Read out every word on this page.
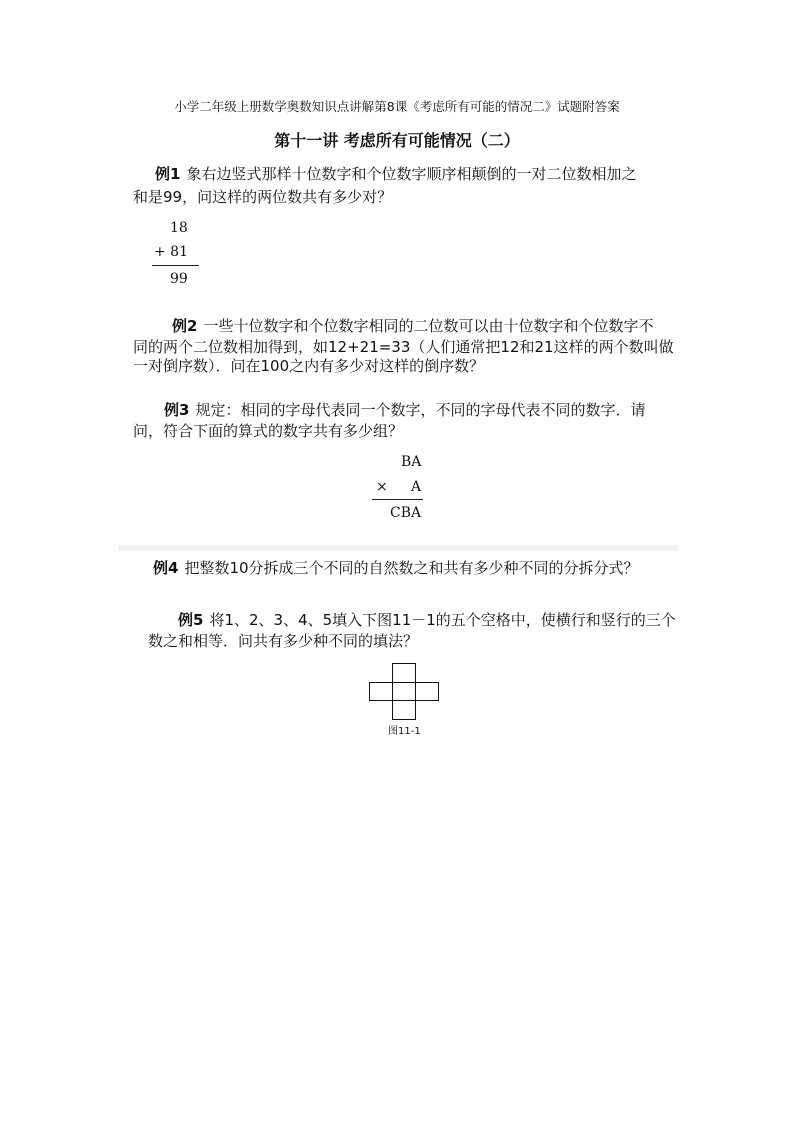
小学二年级上册数学奥数知识点讲解第8课《考虑所有可能的情况二》试题附答案
第十一讲 考虑所有可能情况（二）
例1 象右边竖式那样十位数字和个位数字顺序相颠倒的一对二位数相加之
和是99，问这样的两位数共有多少对？
18
+ 81
99
例2 一些十位数字和个位数字相同的二位数可以由十位数字和个位数字不
同的两个二位数相加得到，如12+21=33（人们通常把12和21这样的两个数叫做
一对倒序数）．问在100之内有多少对这样的倒序数？
例3 规定：相同的字母代表同一个数字，不同的字母代表不同的数字．请
问，符合下面的算式的数字共有多少组？
BA
× A
CBA
例4 把整数10分拆成三个不同的自然数之和共有多少种不同的分拆分式？
例5 将1、2、3、4、5填入下图11－1的五个空格中，使横行和竖行的三个
数之和相等．问共有多少种不同的填法？
图11-1
